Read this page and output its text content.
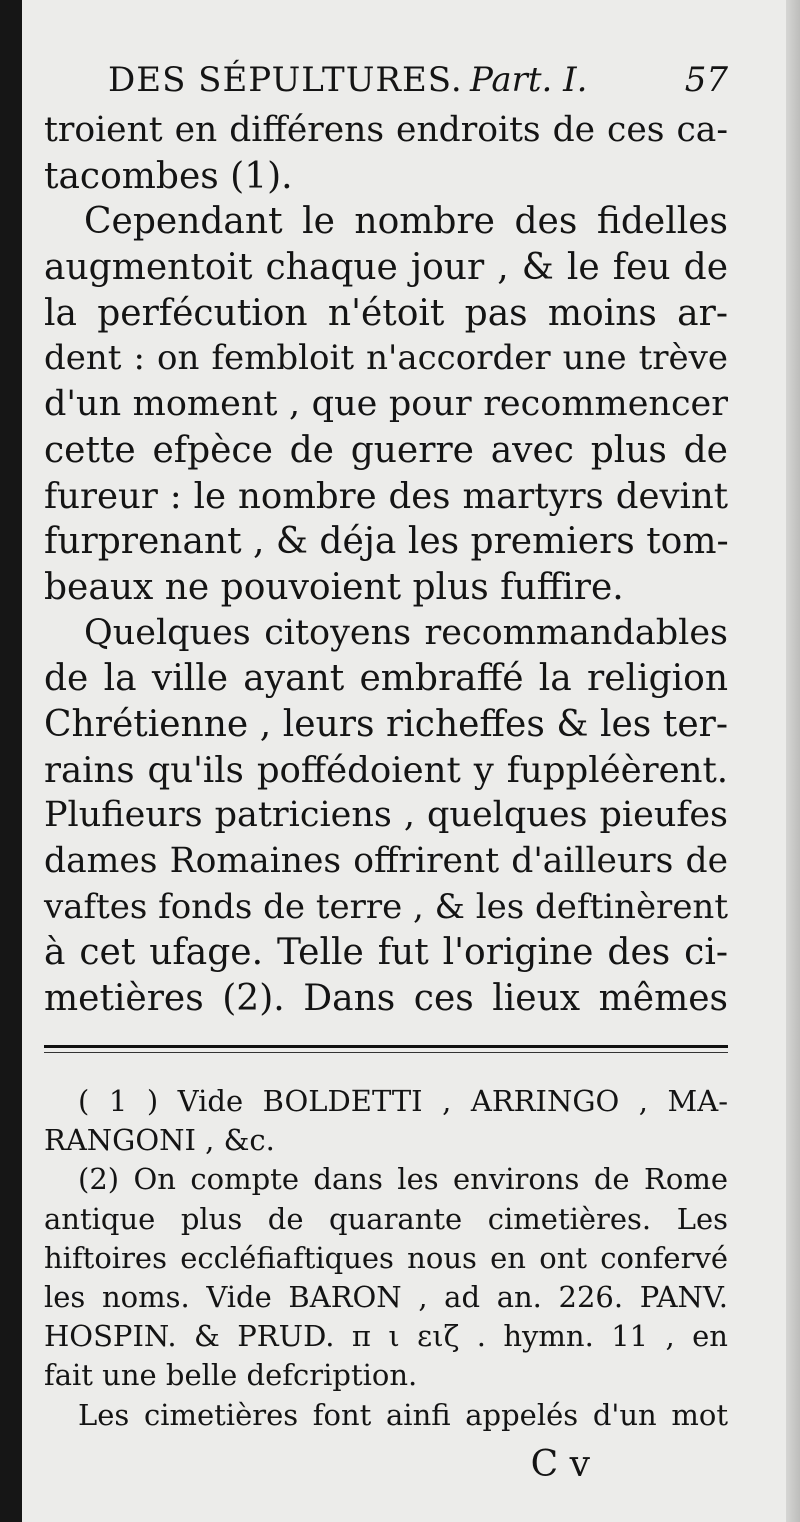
DES SÉPULTURES. Part. I.	57
troient en différens endroits de ces ca-
tacombes (1).
Cependant le nombre des fidelles
augmentoit chaque jour , & le feu de
la perfécution n'étoit pas moins ar-
dent : on fembloit n'accorder une trève
d'un moment , que pour recommencer
cette efpèce de guerre avec plus de
fureur : le nombre des martyrs devint
furprenant , & déja les premiers tom-
beaux ne pouvoient plus fuffire.
Quelques citoyens recommandables
de la ville ayant embraffé la religion
Chrétienne , leurs richeffes & les ter-
rains qu'ils poffédoient y fuppléèrent.
Plufieurs patriciens , quelques pieufes
dames Romaines offrirent d'ailleurs de
vaftes fonds de terre , & les deftinèrent
à cet ufage. Telle fut l'origine des ci-
metières (2). Dans ces lieux mêmes
( 1 ) Vide BOLDETTI , ARRINGO , MA-
RANGONI , &c.
(2) On compte dans les environs de Rome
antique plus de quarante cimetières. Les
hiftoires eccléfiaftiques nous en ont confervé
les noms. Vide BARON , ad an. 226. PANV.
HOSPIN. & PRUD. π ι ειζ . hymn. 11 , en
fait une belle defcription.
Les cimetières font ainfi appelés d'un mot
C v
